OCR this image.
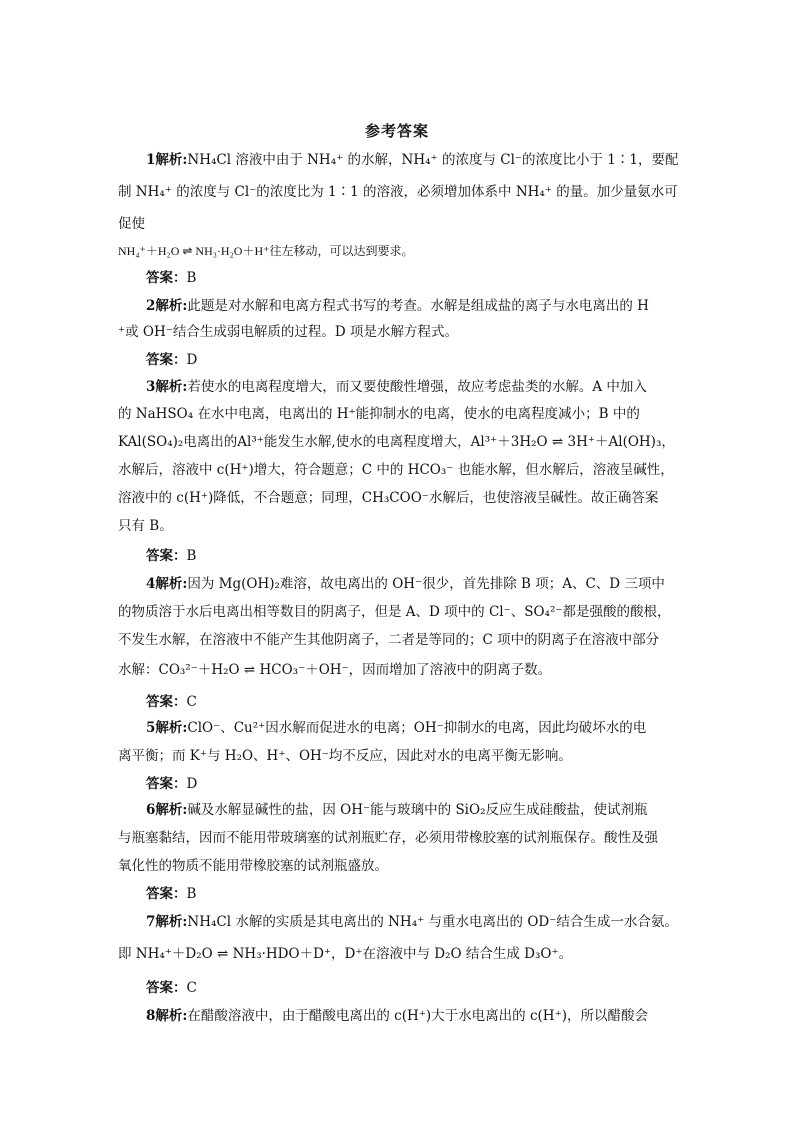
参考答案
1解析:NH₄Cl 溶液中由于 NH₄⁺ 的水解，NH₄⁺ 的浓度与 Cl⁻的浓度比小于 1∶1，要配
制 NH₄⁺ 的浓度与 Cl⁻的浓度比为 1∶1 的溶液，必须增加体系中 NH₄⁺ 的量。加少量氨水可
促使
NH₄⁺＋H₂O ⇌ NH₃·H₂O＋H⁺往左移动，可以达到要求。
答案：B
2解析:此题是对水解和电离方程式书写的考查。水解是组成盐的离子与水电离出的 H
⁺或 OH⁻结合生成弱电解质的过程。D 项是水解方程式。
答案：D
3解析:若使水的电离程度增大，而又要使酸性增强，故应考虑盐类的水解。A 中加入
的 NaHSO₄ 在水中电离，电离出的 H⁺能抑制水的电离，使水的电离程度减小；B 中的
KAl(SO₄)₂电离出的Al³⁺能发生水解,使水的电离程度增大，Al³⁺＋3H₂O ⇌ 3H⁺＋Al(OH)₃，
水解后，溶液中 c(H⁺)增大，符合题意；C 中的 HCO₃⁻ 也能水解，但水解后，溶液呈碱性，
溶液中的 c(H⁺)降低，不合题意；同理，CH₃COO⁻水解后，也使溶液呈碱性。故正确答案
只有 B。
答案：B
4解析:因为 Mg(OH)₂难溶，故电离出的 OH⁻很少，首先排除 B 项；A、C、D 三项中
的物质溶于水后电离出相等数目的阴离子，但是 A、D 项中的 Cl⁻、SO₄²⁻都是强酸的酸根，
不发生水解，在溶液中不能产生其他阴离子，二者是等同的；C 项中的阴离子在溶液中部分
水解：CO₃²⁻＋H₂O ⇌ HCO₃⁻＋OH⁻，因而增加了溶液中的阴离子数。
答案：C
5解析:ClO⁻、Cu²⁺因水解而促进水的电离；OH⁻抑制水的电离，因此均破坏水的电
离平衡；而 K⁺与 H₂O、H⁺、OH⁻均不反应，因此对水的电离平衡无影响。
答案：D
6解析:碱及水解显碱性的盐，因 OH⁻能与玻璃中的 SiO₂反应生成硅酸盐，使试剂瓶
与瓶塞黏结，因而不能用带玻璃塞的试剂瓶贮存，必须用带橡胶塞的试剂瓶保存。酸性及强
氧化性的物质不能用带橡胶塞的试剂瓶盛放。
答案：B
7解析:NH₄Cl 水解的实质是其电离出的 NH₄⁺ 与重水电离出的 OD⁻结合生成一水合氨。
即 NH₄⁺＋D₂O ⇌ NH₃·HDO＋D⁺，D⁺在溶液中与 D₂O 结合生成 D₃O⁺。
答案：C
8解析:在醋酸溶液中，由于醋酸电离出的 c(H⁺)大于水电离出的 c(H⁺)，所以醋酸会
